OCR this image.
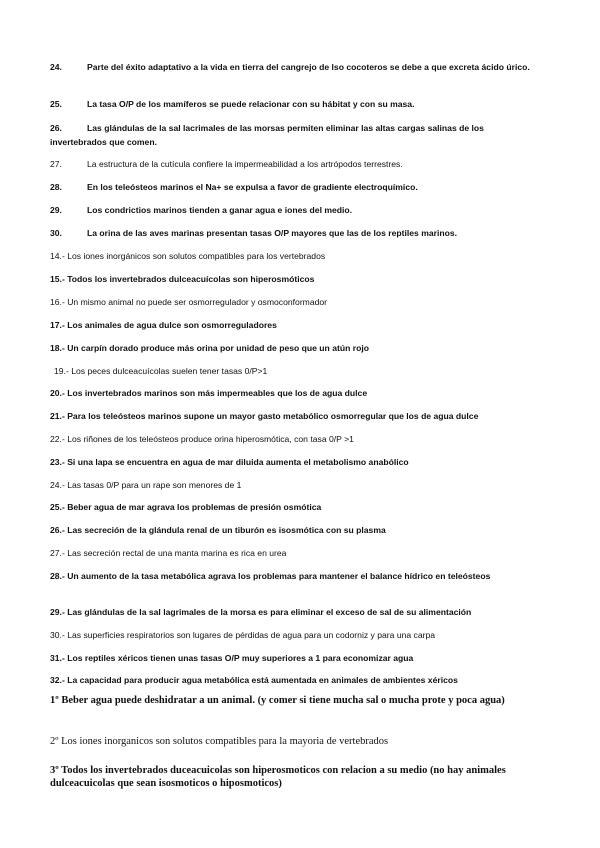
24.	Parte del éxito adaptativo a la vida en tierra del cangrejo de lso cocoteros se debe a que excreta ácido úrico.
25.	La tasa O/P de los mamíferos se puede relacionar con su hábitat y con su masa.
26.	Las glándulas de la sal lacrimales de las morsas permiten eliminar las altas cargas salinas de los invertebrados que comen.
27.	La estructura de la cutícula confiere la impermeabilidad a los artrópodos terrestres.
28.	En los teleósteos marinos el Na+ se expulsa a favor de gradiente electroquímico.
29.	Los condrictios marinos tienden a ganar agua e iones del medio.
30.	La orina de las aves marinas presentan tasas O/P mayores que las de los reptiles marinos.
14.- Los iones inorgánicos son solutos compatibles para los vertebrados
15.- Todos los invertebrados dulceacuícolas son hiperosmóticos
16.- Un mismo animal no puede ser osmorregulador y osmoconformador
17.- Los animales de agua dulce son osmorreguladores
18.- Un carpín dorado produce más orina por unidad de peso que un atún rojo
19.- Los peces dulceacuícolas suelen tener tasas 0/P>1
20.- Los invertebrados marinos son más impermeables que los de agua dulce
21.- Para los teleósteos marinos supone un mayor gasto metabólico osmorregular que los de agua dulce
22.- Los riñones de los teleósteos produce orina hiperosmótica, con tasa 0/P >1
23.- Si una lapa se encuentra en agua de mar diluida aumenta el metabolismo anabólico
24.- Las tasas 0/P para un rape son menores de 1
25.- Beber agua de mar agrava los problemas de presión osmótica
26.- Las secreción de la glándula renal de un tiburón es isosmótica con su plasma
27.- Las secreción rectal de una manta marina es rica en urea
28.- Un aumento de la tasa metabólica agrava los problemas para mantener el balance hídrico en teleósteos
29.- Las glándulas de la sal lagrimales de la morsa es para eliminar el exceso de sal de su alimentación
30.- Las superficies respiratorios son lugares de pérdidas de agua para un codorniz y para una carpa
31.- Los reptiles xéricos tienen unas tasas O/P muy superiores a 1 para economizar agua
32.- La capacidad para producir agua metabólica está aumentada en animales de ambientes xéricos
1º Beber agua puede deshidratar a un animal. (y comer si tiene mucha sal o mucha prote y poca agua)
2º Los iones inorganicos son solutos compatibles para la mayoria de vertebrados
3º Todos los invertebrados duceacuicolas son hiperosmoticos con relacion a su medio (no hay animales dulceacuicolas que sean isosmoticos o hiposmoticos)
